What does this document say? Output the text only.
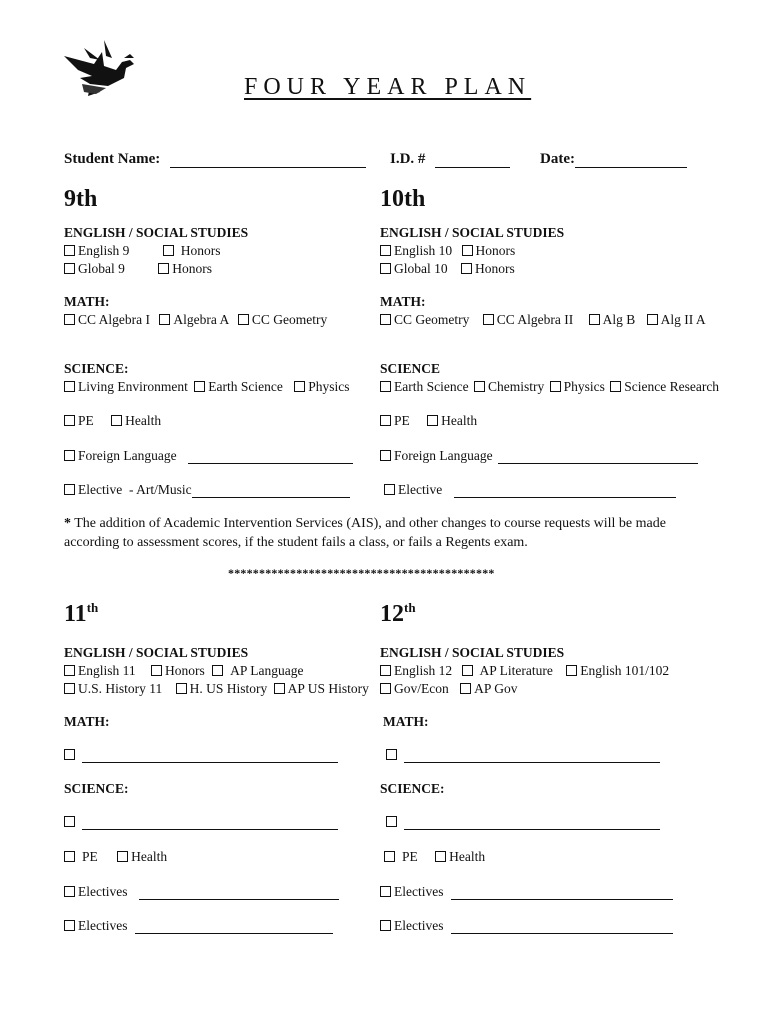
FOUR YEAR PLAN
Student Name:	I.D. #	Date:
9th
ENGLISH / SOCIAL STUDIES
English 9	Honors
Global 9	Honors
MATH:
CC Algebra I Algebra A CC Geometry
SCIENCE:
Living Environment Earth Science Physics
PE Health
Foreign Language
Elective  - Art/Music
10th
ENGLISH / SOCIAL STUDIES
English 10 Honors
Global 10 Honors
MATH:
CC Geometry CC Algebra II Alg B Alg II A
SCIENCE
Earth Science Chemistry Physics Science Research
PE Health
Foreign Language
Elective
* The addition of Academic Intervention Services (AIS), and other changes to course requests will be made according to assessment scores, if the student fails a class, or fails a Regents exam.
*******************************************
11th
ENGLISH / SOCIAL STUDIES
English 11 Honors AP Language
U.S. History 11 H. US History AP US History
MATH:
SCIENCE:
PE Health
Electives
Electives
12th
ENGLISH / SOCIAL STUDIES
English 12 AP Literature English 101/102
Gov/Econ AP Gov
MATH:
SCIENCE:
PE Health
Electives
Electives
